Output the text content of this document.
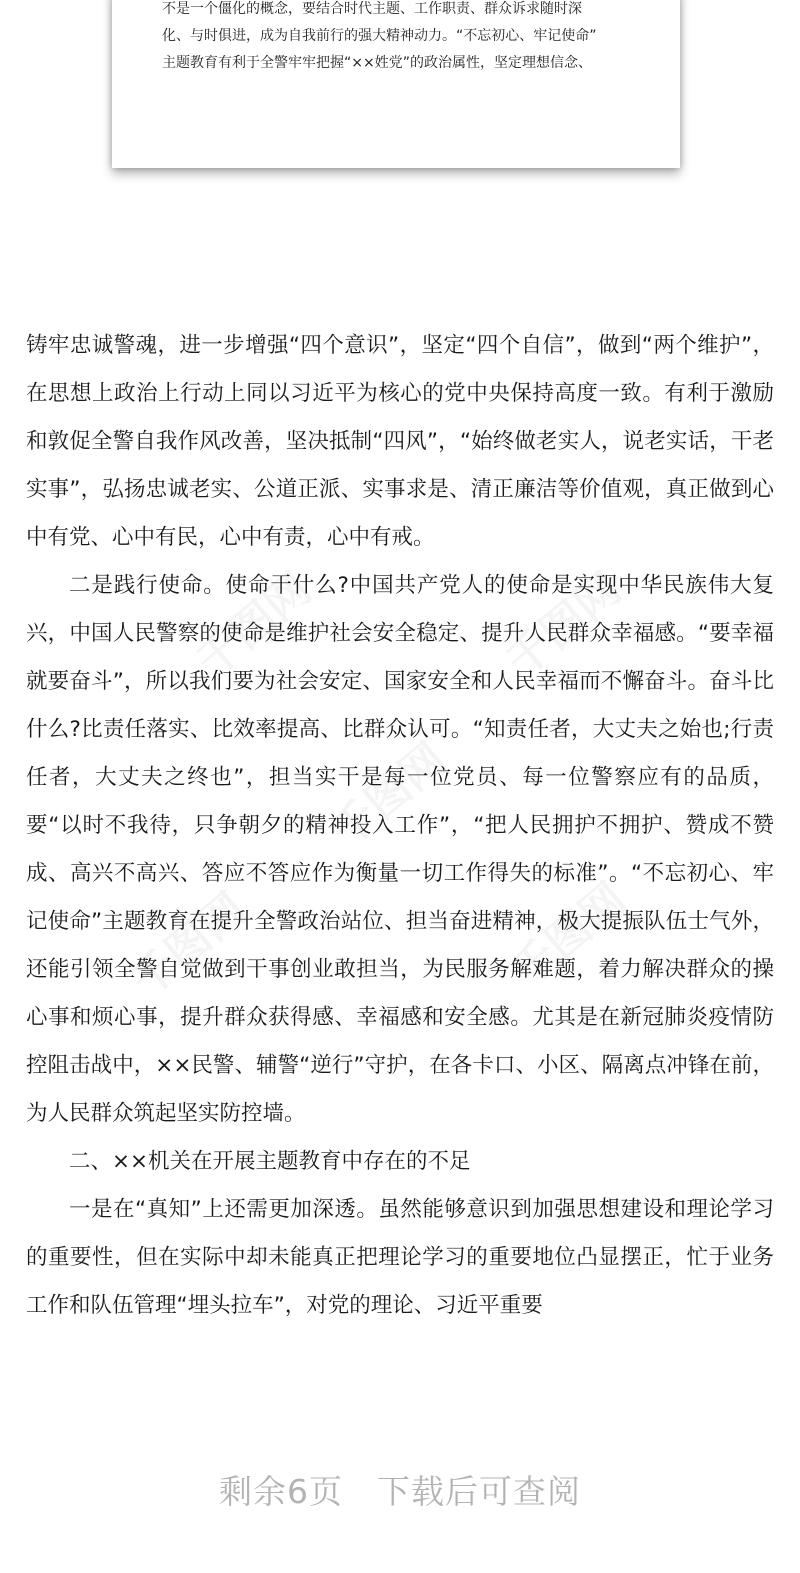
不是一个僵化的概念，要结合时代主题、工作职责、群众诉求随时深

化、与时俱进，成为自我前行的强大精神动力。“不忘初心、牢记使命”

主题教育有利于全警牢牢把握“××姓党”的政治属性，坚定理想信念、

铸牢忠诚警魂，进一步增强“四个意识”，坚定“四个自信”，做到“两个维护”，在思想上政治上行动上同以习近平为核心的党中央保持高度一致。有利于激励和敦促全警自我作风改善，坚决抵制“四风”，“始终做老实人，说老实话，干老实事”，弘扬忠诚老实、公道正派、实事求是、清正廉洁等价值观，真正做到心中有党、心中有民，心中有责，心中有戒。

二是践行使命。使命干什么?中国共产党人的使命是实现中华民族伟大复兴，中国人民警察的使命是维护社会安全稳定、提升人民群众幸福感。“要幸福就要奋斗”，所以我们要为社会安定、国家安全和人民幸福而不懈奋斗。奋斗比什么?比责任落实、比效率提高、比群众认可。“知责任者，大丈夫之始也;行责任者，大丈夫之终也”，担当实干是每一位党员、每一位警察应有的品质，要“以时不我待，只争朝夕的精神投入工作”，“把人民拥护不拥护、赞成不赞成、高兴不高兴、答应不答应作为衡量一切工作得失的标准”。“不忘初心、牢记使命”主题教育在提升全警政治站位、担当奋进精神，极大提振队伍士气外，还能引领全警自觉做到干事创业敢担当，为民服务解难题，着力解决群众的操心事和烦心事，提升群众获得感、幸福感和安全感。尤其是在新冠肺炎疫情防控阻击战中，××民警、辅警“逆行”守护，在各卡口、小区、隔离点冲锋在前，为人民群众筑起坚实防控墙。

二、××机关在开展主题教育中存在的不足

一是在“真知”上还需更加深透。虽然能够意识到加强思想建设和理论学习的重要性，但在实际中却未能真正把理论学习的重要地位凸显摆正，忙于业务工作和队伍管理“埋头拉车”，对党的理论、习近平重要

剩余6页 下载后可查阅
